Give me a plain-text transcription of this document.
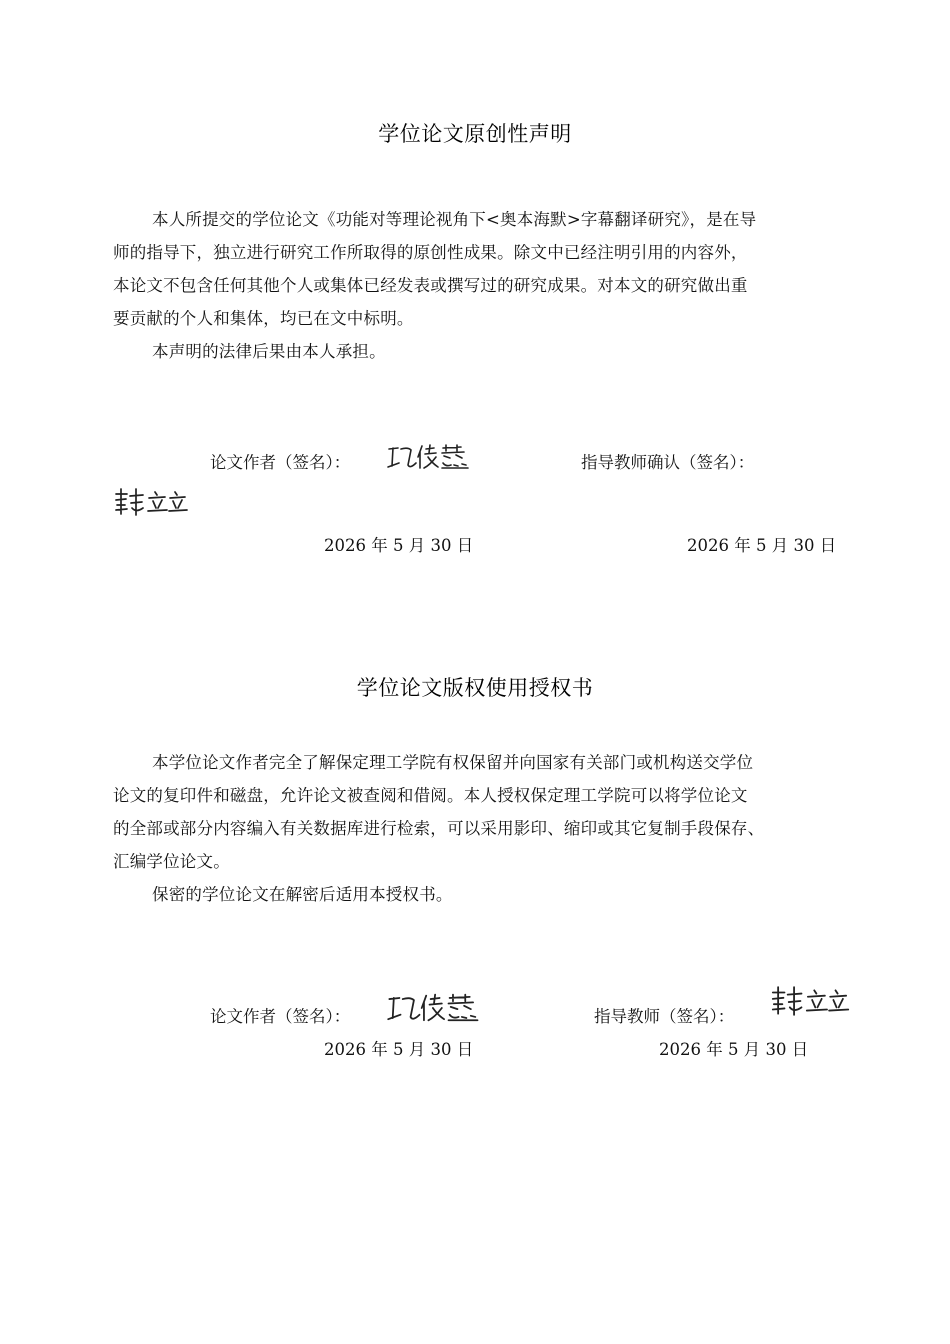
学位论文原创性声明
本人所提交的学位论文《功能对等理论视角下<奥本海默>字幕翻译研究》，是在导
师的指导下，独立进行研究工作所取得的原创性成果。除文中已经注明引用的内容外，
本论文不包含任何其他个人或集体已经发表或撰写过的研究成果。对本文的研究做出重
要贡献的个人和集体，均已在文中标明。
本声明的法律后果由本人承担。
论文作者（签名）：	指导教师确认（签名）：
2026 年 5 月 30 日	2026 年 5 月 30 日
学位论文版权使用授权书
本学位论文作者完全了解保定理工学院有权保留并向国家有关部门或机构送交学位
论文的复印件和磁盘，允许论文被查阅和借阅。本人授权保定理工学院可以将学位论文
的全部或部分内容编入有关数据库进行检索，可以采用影印、缩印或其它复制手段保存、
汇编学位论文。
保密的学位论文在解密后适用本授权书。
论文作者（签名）：	指导教师（签名）：
2026 年 5 月 30 日	2026 年 5 月 30 日
